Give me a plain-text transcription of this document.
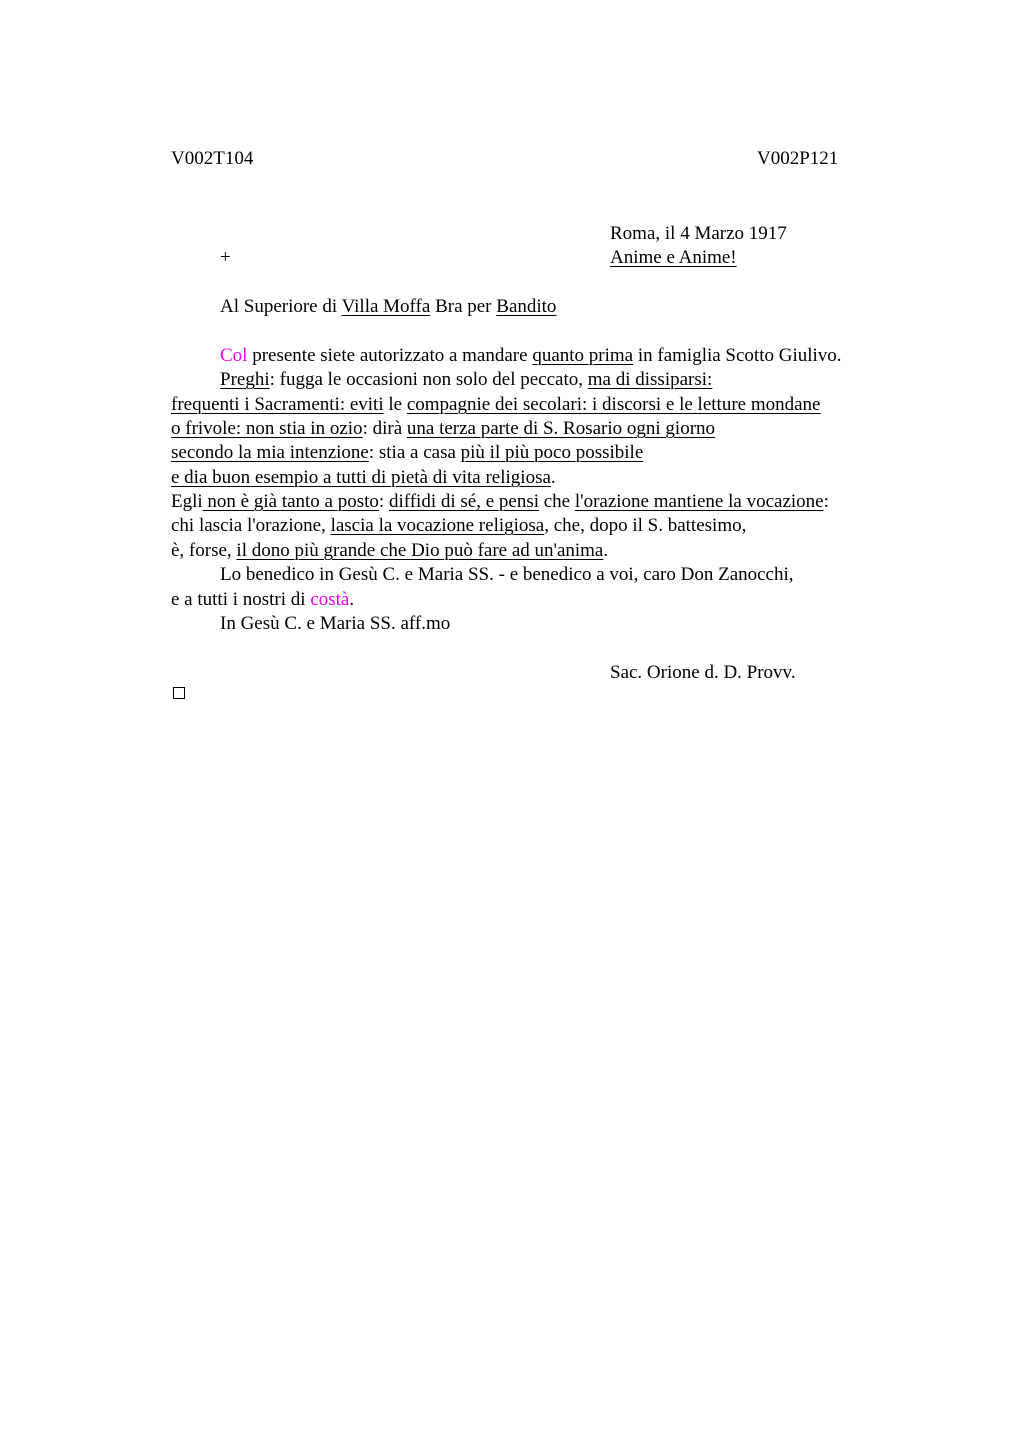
V002T104	V002P121
Roma, il 4 Marzo 1917
+	Anime e Anime!
Al Superiore di Villa Moffa Bra per Bandito
Col presente siete autorizzato a mandare quanto prima in famiglia Scotto Giulivo.
Preghi: fugga le occasioni non solo del peccato, ma di dissiparsi:
frequenti i Sacramenti: eviti le compagnie dei secolari: i discorsi e le letture mondane
o frivole: non stia in ozio: dirà una terza parte di S. Rosario ogni giorno
secondo la mia intenzione: stia a casa più il più poco possibile
e dia buon esempio a tutti di pietà di vita religiosa.
Egli non è già tanto a posto: diffidi di sé, e pensi che l'orazione mantiene la vocazione:
chi lascia l'orazione, lascia la vocazione religiosa, che, dopo il S. battesimo,
è, forse, il dono più grande che Dio può fare ad un'anima.
Lo benedico in Gesù C. e Maria SS. - e benedico a voi, caro Don Zanocchi,
e a tutti i nostri di costà.
In Gesù C. e Maria SS. aff.mo
Sac. Orione d. D. Provv.
